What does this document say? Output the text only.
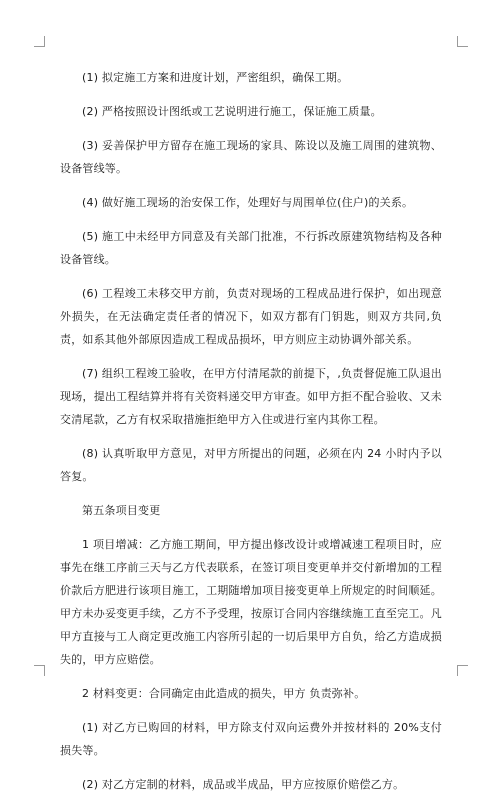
(1) 拟定施工方案和进度计划，严密组织，确保工期。

(2) 严格按照设计图纸或工艺说明进行施工，保证施工质量。

(3) 妥善保护甲方留存在施工现场的家具、陈设以及施工周围的建筑物、设备管线等。

(4) 做好施工现场的治安保工作，处理好与周围单位(住户)的关系。

(5) 施工中未经甲方同意及有关部门批准，不行拆改原建筑物结构及各种设备管线。

(6) 工程竣工未移交甲方前，负责对现场的工程成品进行保护，如出现意外损失，在无法确定责任者的情况下，如双方都有门钥匙，则双方共同,负责，如系其他外部原因造成工程成品损坏，甲方则应主动协调外部关系。

(7) 组织工程竣工验收，在甲方付清尾款的前提下，,负责督促施工队退出现场，提出工程结算并将有关资料递交甲方审查。如甲方拒不配合验收、又未交清尾款，乙方有权采取措施拒绝甲方入住或进行室内其你工程。

(8) 认真听取甲方意见，对甲方所提出的问题，必须在内 24 小时内予以答复。

第五条项目变更

1 项目增减：乙方施工期间，甲方提出修改设计或增减速工程项目时，应事先在继工序前三天与乙方代表联系，在签订项目变更单并交付新增加的工程价款后方肥进行该项目施工，工期随增加项目接变更单上所规定的时间顺延。甲方未办妥变更手续，乙方不予受理，按原订合同内容继续施工直至完工。凡甲方直接与工人商定更改施工内容所引起的一切后果甲方自负，给乙方造成损失的，甲方应赔偿。

2 材料变更：合同确定由此造成的损失，甲方 负责弥补。

(1) 对乙方已购回的材料，甲方除支付双向运费外并按材料的 20%支付损失等。

(2) 对乙方定制的材料，成品或半成品，甲方应按原价赔偿乙方。
